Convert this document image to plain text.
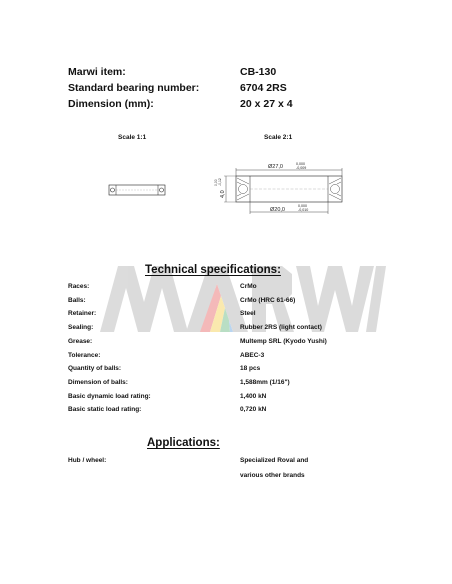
Marwi item:	CB-130
Standard bearing number:	6704 2RS
Dimension (mm):	20 x 27 x 4
Scale 1:1	Scale 2:1
Ø27,0	0,000
-0,009
4,0
0,00 -0,12
Ø20,0
0,000
-0,010
Technical specifications:
Races:	CrMo
Balls:	CrMo (HRC 61-66)
Retainer:	Steel
Sealing:	Rubber 2RS (light contact)
Grease:	Multemp SRL (Kyodo Yushi)
Tolerance:	ABEC-3
Quantity of balls:	18 pcs
Dimension of balls:	1,588mm (1/16")
Basic dynamic load rating:	1,400 kN
Basic static load rating:	0,720 kN
Applications:
Hub / wheel:	Specialized Roval and
various other brands
